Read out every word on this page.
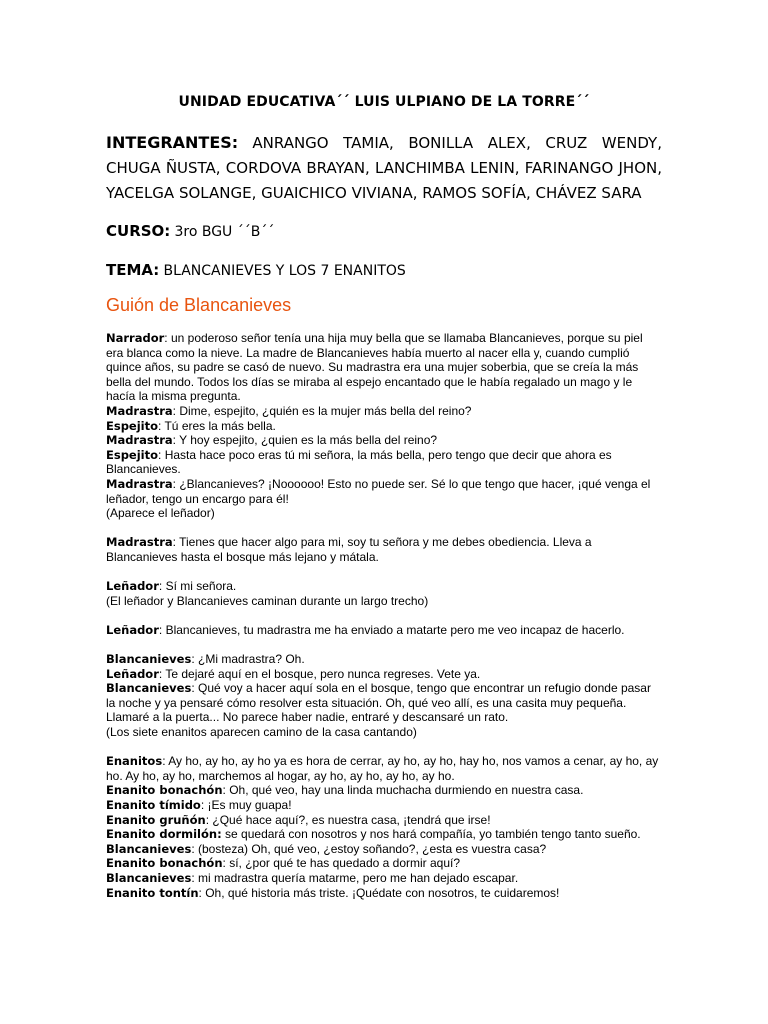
UNIDAD EDUCATIVA´´ LUIS ULPIANO DE LA TORRE´´
INTEGRANTES: ANRANGO TAMIA, BONILLA ALEX, CRUZ WENDY, CHUGA ÑUSTA, CORDOVA BRAYAN, LANCHIMBA LENIN, FARINANGO JHON, YACELGA SOLANGE, GUAICHICO VIVIANA, RAMOS SOFÍA, CHÁVEZ SARA
CURSO: 3ro BGU ´´B´´
TEMA: BLANCANIEVES Y LOS 7 ENANITOS
Guión de Blancanieves

Narrador: un poderoso señor tenía una hija muy bella que se llamaba Blancanieves, porque su piel era blanca como la nieve. La madre de Blancanieves había muerto al nacer ella y, cuando cumplió quince años, su padre se casó de nuevo. Su madrastra era una mujer soberbia, que se creía la más bella del mundo. Todos los días se miraba al espejo encantado que le había regalado un mago y le hacía la misma pregunta.

Madrastra: Dime, espejito, ¿quién es la mujer más bella del reino?

Espejito: Tú eres la más bella.

Madrastra: Y hoy espejito, ¿quien es la más bella del reino?

Espejito: Hasta hace poco eras tú mi señora, la más bella, pero tengo que decir que ahora es Blancanieves.

Madrastra: ¿Blancanieves? ¡Noooooo! Esto no puede ser. Sé lo que tengo que hacer, ¡qué venga el leñador, tengo un encargo para él!

(Aparece el leñador)

Madrastra: Tienes que hacer algo para mi, soy tu señora y me debes obediencia. Lleva a Blancanieves hasta el bosque más lejano y mátala.

Leñador: Sí mi señora.

(El leñador y Blancanieves caminan durante un largo trecho)

Leñador: Blancanieves, tu madrastra me ha enviado a matarte pero me veo incapaz de hacerlo.

Blancanieves: ¿Mi madrastra? Oh.

Leñador: Te dejaré aquí en el bosque, pero nunca regreses. Vete ya.

Blancanieves: Qué voy a hacer aquí sola en el bosque, tengo que encontrar un refugio donde pasar la noche y ya pensaré cómo resolver esta situación. Oh, qué veo allí, es una casita muy pequeña. Llamaré a la puerta... No parece haber nadie, entraré y descansaré un rato.

(Los siete enanitos aparecen camino de la casa cantando)

Enanitos: Ay ho, ay ho, ay ho ya es hora de cerrar, ay ho, ay ho, hay ho, nos vamos a cenar, ay ho, ay ho. Ay ho, ay ho, marchemos al hogar, ay ho, ay ho, ay ho, ay ho.

Enanito bonachón: Oh, qué veo, hay una linda muchacha durmiendo en nuestra casa.

Enanito tímido: ¡Es muy guapa!

Enanito gruñón: ¿Qué hace aquí?, es nuestra casa, ¡tendrá que irse!

Enanito dormilón: se quedará con nosotros y nos hará compañía, yo también tengo tanto sueño.

Blancanieves: (bosteza) Oh, qué veo, ¿estoy soñando?, ¿esta es vuestra casa?

Enanito bonachón: sí, ¿por qué te has quedado a dormir aquí?

Blancanieves: mi madrastra quería matarme, pero me han dejado escapar.

Enanito tontín: Oh, qué historia más triste. ¡Quédate con nosotros, te cuidaremos!
